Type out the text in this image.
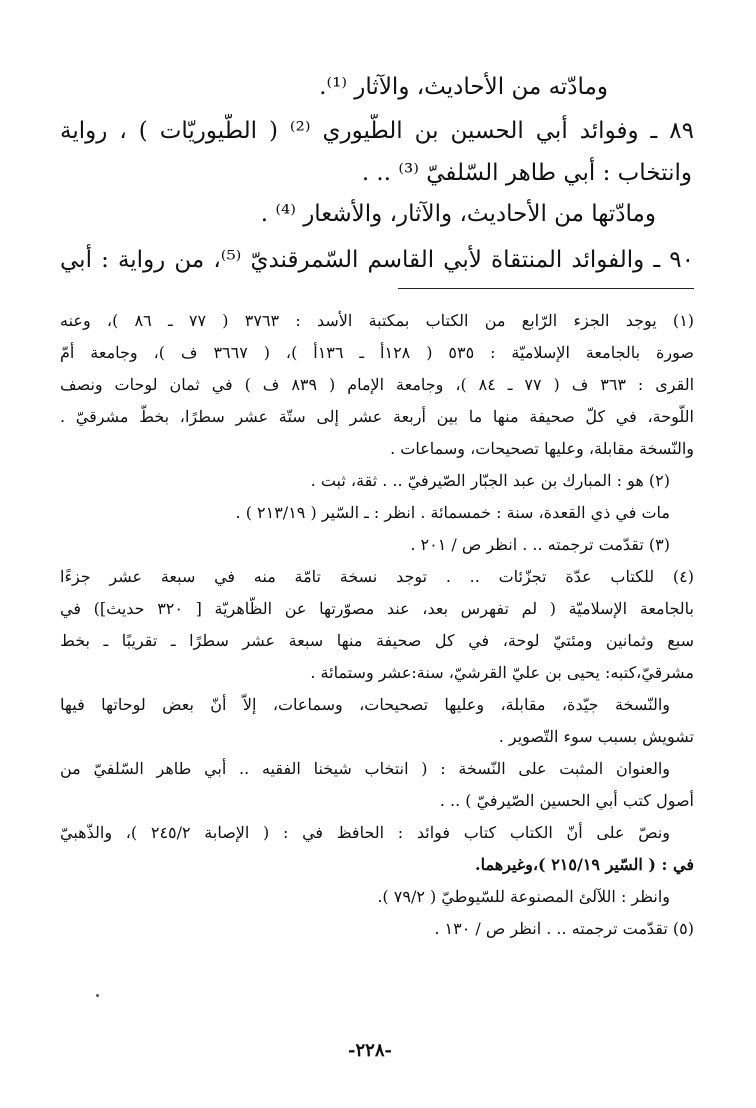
ومادّته من الأحاديث، والآثار ⁽¹⁾.
٨٩ ـ وفوائد أبي الحسين بن الطّيوري ⁽²⁾ ( الطّيوريّات ) ، رواية
وانتخاب : أبي طاهر السّلفيّ ⁽³⁾ .. .
ومادّتها من الأحاديث، والآثار، والأشعار ⁽⁴⁾ .
٩٠ ـ والفوائد المنتقاة لأبي القاسم السّمرقنديّ ⁽⁵⁾، من رواية : أبي
(١) يوجد الجزء الرّابع من الكتاب بمكتبة الأسد : ٣٧٦٣ ( ٧٧ ـ ٨٦ )، وعنه
صورة بالجامعة الإسلاميّة : ٥٣٥ ( ١٢٨أ ـ ١٣٦أ )، ( ٣٦٦٧ ف )، وجامعة أمّ
القرى : ٣٦٣ ف ( ٧٧ ـ ٨٤ )، وجامعة الإمام ( ٨٣٩ ف ) في ثمان لوحات ونصف
اللّوحة، في كلّ صحيفة منها ما بين أربعة عشر إلى ستّة عشر سطرًا، بخطّ مشرقيّ .
والنّسخة مقابلة، وعليها تصحيحات، وسماعات .
(٢) هو : المبارك بن عبد الجبّار الصّيرفيّ .. . ثقة، ثبت .
مات في ذي القعدة، سنة : خمسمائة . انظر : ـ السّير ( ٢١٣/١٩ ) .
(٣) تقدّمت ترجمته .. . انظر ص / ٢٠١ .
(٤) للكتاب عدّة تجزّئات .. . توجد نسخة تامّة منه في سبعة عشر جزءًا
بالجامعة الإسلاميّة ( لم تفهرس بعد، عند مصوّرتها عن الظّاهريّة [ ٣٢٠ حديث]) في
سبع وثمانين ومئتيّ لوحة، في كل صحيفة منها سبعة عشر سطرًا ـ تقريبًا ـ بخط
مشرقيّ،كتبه: يحيى بن عليّ القرشيّ، سنة:عشر وستمائة .
والنّسخة جيّدة، مقابلة، وعليها تصحيحات، وسماعات، إلاّ أنّ بعض لوحاتها فيها
تشويش بسبب سوء التّصوير .
والعنوان المثبت على النّسخة : ( انتخاب شيخنا الفقيه .. أبي طاهر السّلفيّ من
أصول كتب أبي الحسين الصّيرفيّ ) .. .
ونصّ على أنّ الكتاب كتاب فوائد : الحافظ في : ( الإصابة ٢٤٥/٢ )، والذّهبيّ
في : ( السّير ٢١٥/١٩ )،وغيرهما.
وانظر : اللآلئ المصنوعة للسّيوطيّ ( ٧٩/٢ ).
(٥) تقدّمت ترجمته .. . انظر ص / ١٣٠ .
-٢٢٨-
